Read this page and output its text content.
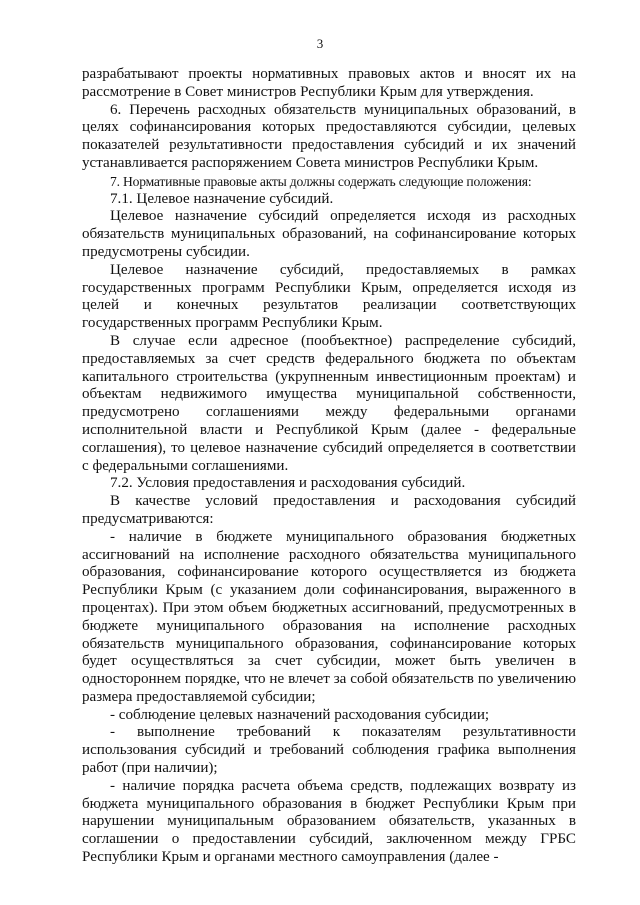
3

разрабатывают проекты нормативных правовых актов и вносят их на рассмотрение в Совет министров Республики Крым для утверждения.

6. Перечень расходных обязательств муниципальных образований, в целях софинансирования которых предоставляются субсидии, целевых показателей результативности предоставления субсидий и их значений устанавливается распоряжением Совета министров Республики Крым.

7. Нормативные правовые акты должны содержать следующие положения:

7.1. Целевое назначение субсидий.

Целевое назначение субсидий определяется исходя из расходных обязательств муниципальных образований, на софинансирование которых предусмотрены субсидии.

Целевое назначение субсидий, предоставляемых в рамках государственных программ Республики Крым, определяется исходя из целей и конечных результатов реализации соответствующих государственных программ Республики Крым.

В случае если адресное (пообъектное) распределение субсидий, предоставляемых за счет средств федерального бюджета по объектам капитального строительства (укрупненным инвестиционным проектам) и объектам недвижимого имущества муниципальной собственности, предусмотрено соглашениями между федеральными органами исполнительной власти и Республикой Крым (далее - федеральные соглашения), то целевое назначение субсидий определяется в соответствии с федеральными соглашениями.

7.2. Условия предоставления и расходования субсидий.

В качестве условий предоставления и расходования субсидий предусматриваются:

- наличие в бюджете муниципального образования бюджетных ассигнований на исполнение расходного обязательства муниципального образования, софинансирование которого осуществляется из бюджета Республики Крым (с указанием доли софинансирования, выраженного в процентах). При этом объем бюджетных ассигнований, предусмотренных в бюджете муниципального образования на исполнение расходных обязательств муниципального образования, софинансирование которых будет осуществляться за счет субсидии, может быть увеличен в одностороннем порядке, что не влечет за собой обязательств по увеличению размера предоставляемой субсидии;

- соблюдение целевых назначений расходования субсидии;

- выполнение требований к показателям результативности использования субсидий и требований соблюдения графика выполнения работ (при наличии);

- наличие порядка расчета объема средств, подлежащих возврату из бюджета муниципального образования в бюджет Республики Крым при нарушении муниципальным образованием обязательств, указанных в соглашении о предоставлении субсидий, заключенном между ГРБС Республики Крым и органами местного самоуправления (далее -
